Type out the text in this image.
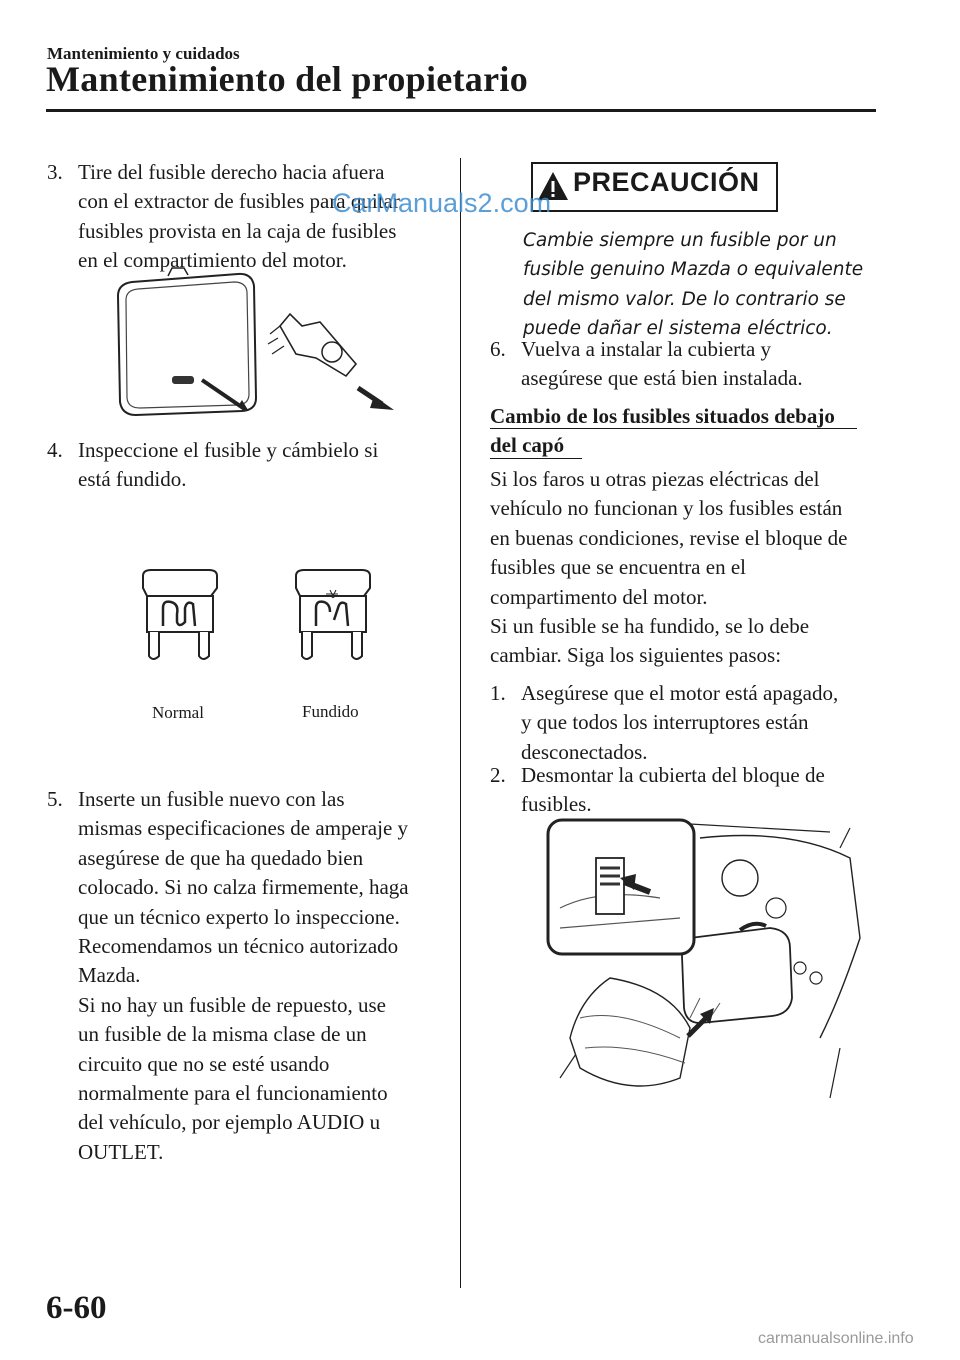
Mantenimiento y cuidados
Mantenimiento del propietario
3. Tire del fusible derecho hacia afuera
con el extractor de fusibles para quitar
fusibles provista en la caja de fusibles
en el compartimiento del motor.
4. Inspeccione el fusible y cámbielo si
está fundido.
Normal	Fundido
5. Inserte un fusible nuevo con las
mismas especificaciones de amperaje y
asegúrese de que ha quedado bien
colocado. Si no calza firmemente, haga
que un técnico experto lo inspeccione.
Recomendamos un técnico autorizado
Mazda.
Si no hay un fusible de repuesto, use
un fusible de la misma clase de un
circuito que no se esté usando
normalmente para el funcionamiento
del vehículo, por ejemplo AUDIO u
OUTLET.
PRECAUCIÓN
Cambie siempre un fusible por un
fusible genuino Mazda o equivalente
del mismo valor. De lo contrario se
puede dañar el sistema eléctrico.
6. Vuelva a instalar la cubierta y
asegúrese que está bien instalada.
Cambio de los fusibles situados debajo
del capó
Si los faros u otras piezas eléctricas del
vehículo no funcionan y los fusibles están
en buenas condiciones, revise el bloque de
fusibles que se encuentra en el
compartimento del motor.
Si un fusible se ha fundido, se lo debe
cambiar. Siga los siguientes pasos:
1. Asegúrese que el motor está apagado,
y que todos los interruptores están
desconectados.
2. Desmontar la cubierta del bloque de
fusibles.
6-60
CarManuals2.com
carmanualsonline.info
